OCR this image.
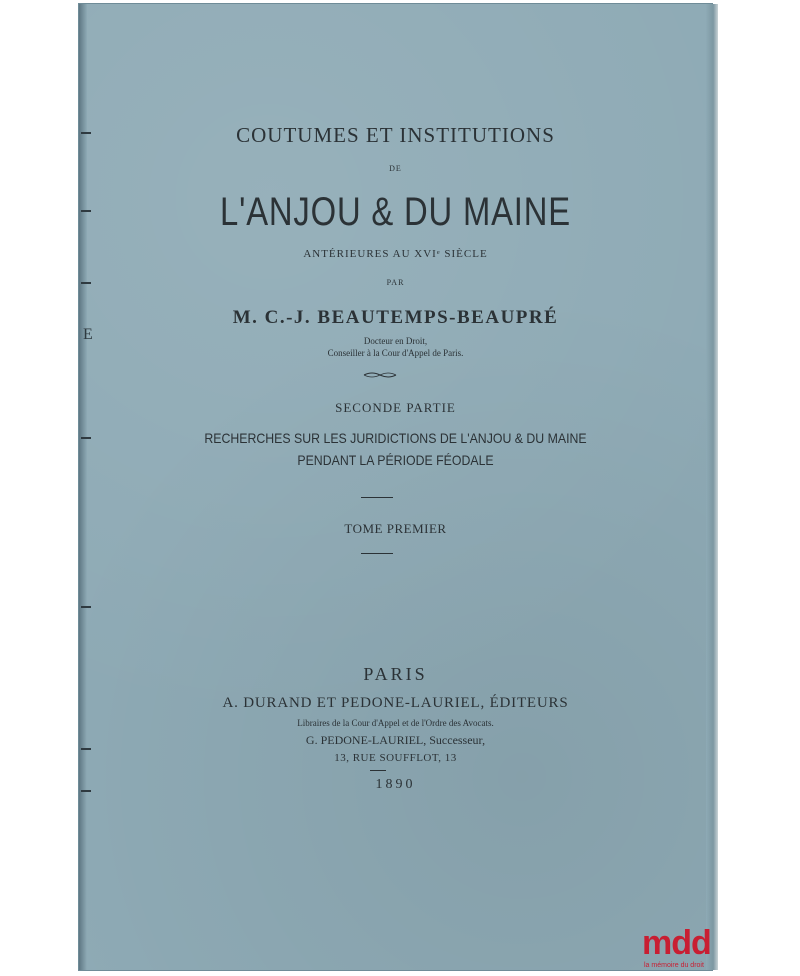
E
COUTUMES ET INSTITUTIONS
DE
L'ANJOU & DU MAINE
ANTÉRIEURES AU XVIᵉ SIÈCLE
PAR
M. C.-J. BEAUTEMPS-BEAUPRÉ
Docteur en Droit,
Conseiller à la Cour d'Appel de Paris.
SECONDE PARTIE
RECHERCHES SUR LES JURIDICTIONS DE L'ANJOU & DU MAINE
PENDANT LA PÉRIODE FÉODALE
TOME PREMIER
PARIS
A. DURAND ET PEDONE-LAURIEL, ÉDITEURS
Libraires de la Cour d'Appel et de l'Ordre des Avocats.
G. PEDONE-LAURIEL, Successeur,
13, RUE SOUFFLOT, 13
1890
mdd
la mémoire du droit
